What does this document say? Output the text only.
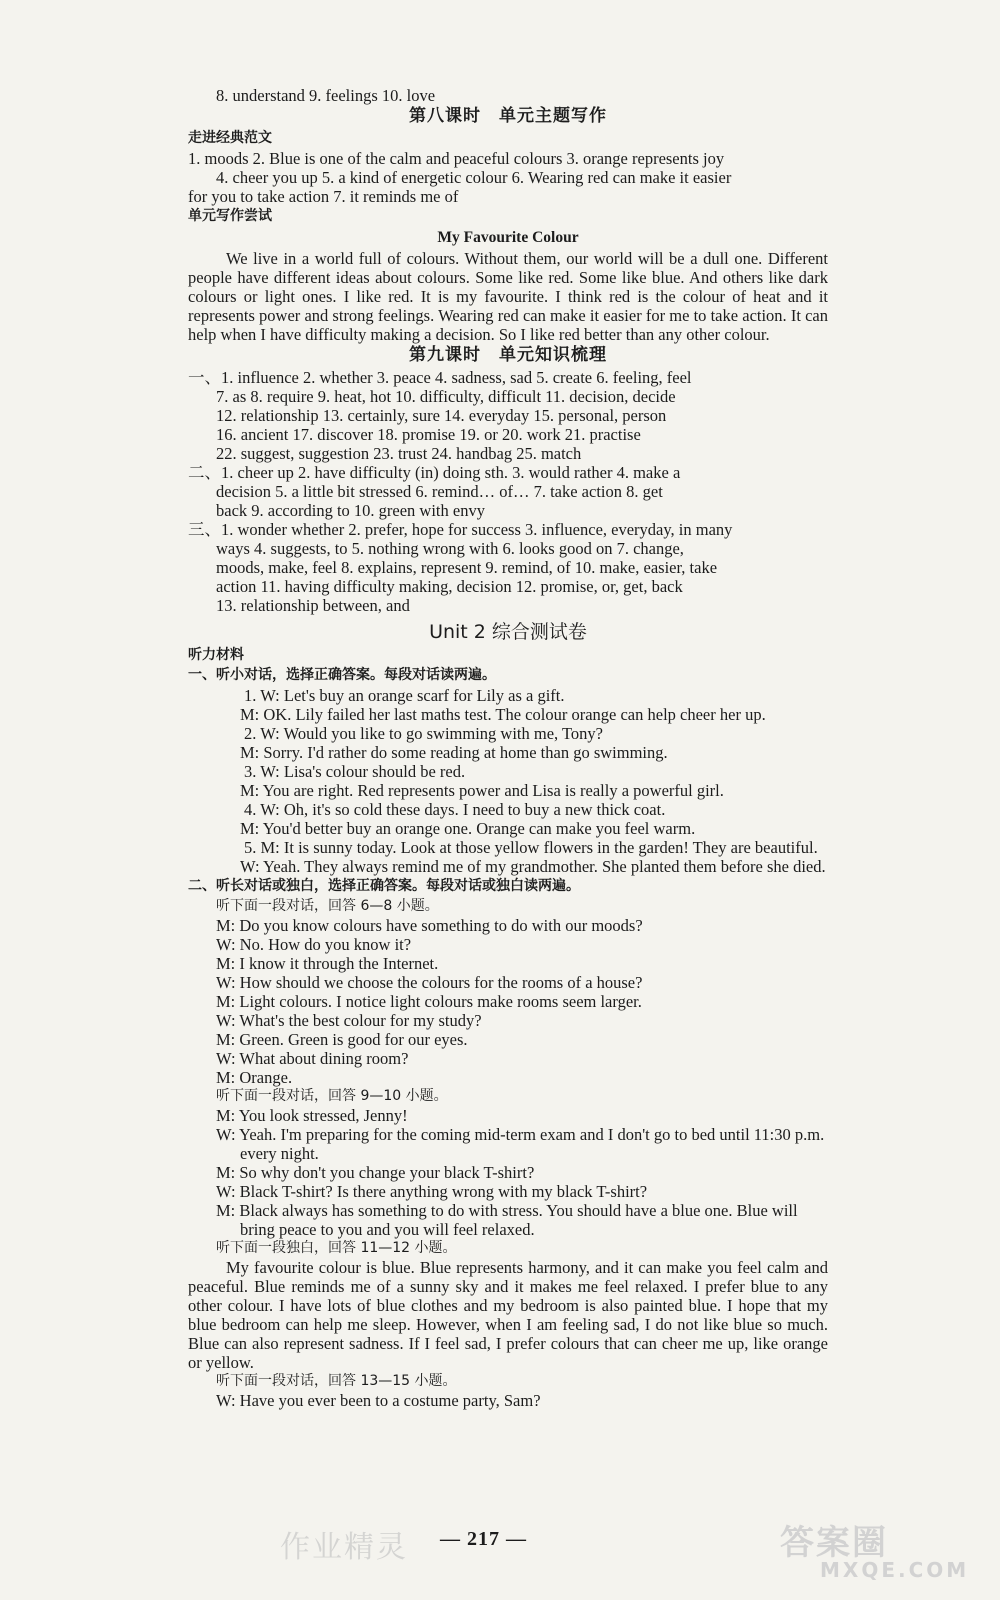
8. understand 9. feelings 10. love
第八课时　单元主题写作
走进经典范文
1. moods 2. Blue is one of the calm and peaceful colours 3. orange represents joy
4. cheer you up 5. a kind of energetic colour 6. Wearing red can make it easier
for you to take action 7. it reminds me of
单元写作尝试
My Favourite Colour
We live in a world full of colours. Without them, our world will be a dull one. Different people have different ideas about colours. Some like red. Some like blue. And others like dark colours or light ones. I like red. It is my favourite. I think red is the colour of heat and it represents power and strong feelings. Wearing red can make it easier for me to take action. It can help when I have difficulty making a decision. So I like red better than any other colour.
第九课时　单元知识梳理
一、1. influence 2. whether 3. peace 4. sadness, sad 5. create 6. feeling, feel
7. as 8. require 9. heat, hot 10. difficulty, difficult 11. decision, decide
12. relationship 13. certainly, sure 14. everyday 15. personal, person
16. ancient 17. discover 18. promise 19. or 20. work 21. practise
22. suggest, suggestion 23. trust 24. handbag 25. match
二、1. cheer up 2. have difficulty (in) doing sth. 3. would rather 4. make a
decision 5. a little bit stressed 6. remind… of… 7. take action 8. get
back 9. according to 10. green with envy
三、1. wonder whether 2. prefer, hope for success 3. influence, everyday, in many
ways 4. suggests, to 5. nothing wrong with 6. looks good on 7. change,
moods, make, feel 8. explains, represent 9. remind, of 10. make, easier, take
action 11. having difficulty making, decision 12. promise, or, get, back
13. relationship between, and
Unit 2 综合测试卷
听力材料
一、听小对话，选择正确答案。每段对话读两遍。
1. W: Let's buy an orange scarf for Lily as a gift.
M: OK. Lily failed her last maths test. The colour orange can help cheer her up.
2. W: Would you like to go swimming with me, Tony?
M: Sorry. I'd rather do some reading at home than go swimming.
3. W: Lisa's colour should be red.
M: You are right. Red represents power and Lisa is really a powerful girl.
4. W: Oh, it's so cold these days. I need to buy a new thick coat.
M: You'd better buy an orange one. Orange can make you feel warm.
5. M: It is sunny today. Look at those yellow flowers in the garden! They are beautiful.
W: Yeah. They always remind me of my grandmother. She planted them before she died.
二、听长对话或独白，选择正确答案。每段对话或独白读两遍。
听下面一段对话，回答 6—8 小题。
M: Do you know colours have something to do with our moods?
W: No. How do you know it?
M: I know it through the Internet.
W: How should we choose the colours for the rooms of a house?
M: Light colours. I notice light colours make rooms seem larger.
W: What's the best colour for my study?
M: Green. Green is good for our eyes.
W: What about dining room?
M: Orange.
听下面一段对话，回答 9—10 小题。
M: You look stressed, Jenny!
W: Yeah. I'm preparing for the coming mid-term exam and I don't go to bed until 11:30 p.m. every night.
M: So why don't you change your black T-shirt?
W: Black T-shirt? Is there anything wrong with my black T-shirt?
M: Black always has something to do with stress. You should have a blue one. Blue will bring peace to you and you will feel relaxed.
听下面一段独白，回答 11—12 小题。
My favourite colour is blue. Blue represents harmony, and it can make you feel calm and peaceful. Blue reminds me of a sunny sky and it makes me feel relaxed. I prefer blue to any other colour. I have lots of blue clothes and my bedroom is also painted blue. I hope that my blue bedroom can help me sleep. However, when I am feeling sad, I do not like blue so much. Blue can also represent sadness. If I feel sad, I prefer colours that can cheer me up, like orange or yellow.
听下面一段对话，回答 13—15 小题。
W: Have you ever been to a costume party, Sam?
作业精灵 — 217 —	答案圈
MXQE.COM
